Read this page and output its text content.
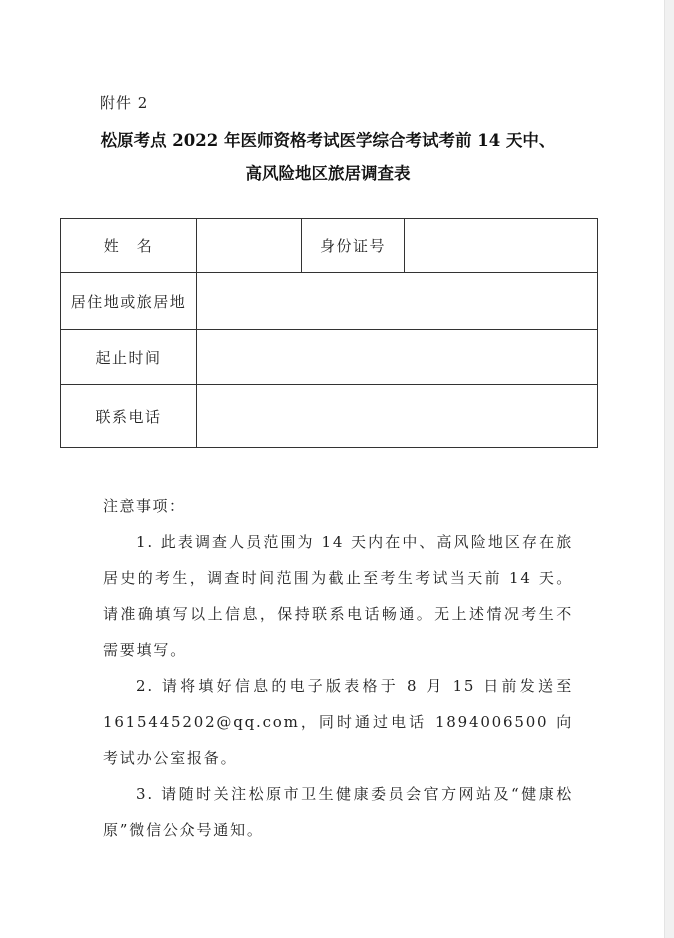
附件 2
松原考点 2022 年医师资格考试医学综合考试考前 14 天中、
高风险地区旅居调查表
姓　名		身份证号	
居住地或旅居地			
起止时间			
联系电话			

注意事项：

1. 此表调查人员范围为 14 天内在中、高风险地区存在旅居史的考生，调查时间范围为截止至考生考试当天前 14 天。请准确填写以上信息，保持联系电话畅通。无上述情况考生不需要填写。

2. 请将填好信息的电子版表格于 8 月 15 日前发送至 1615445202@qq.com，同时通过电话 1894006500 向考试办公室报备。

3. 请随时关注松原市卫生健康委员会官方网站及“健康松原”微信公众号通知。
